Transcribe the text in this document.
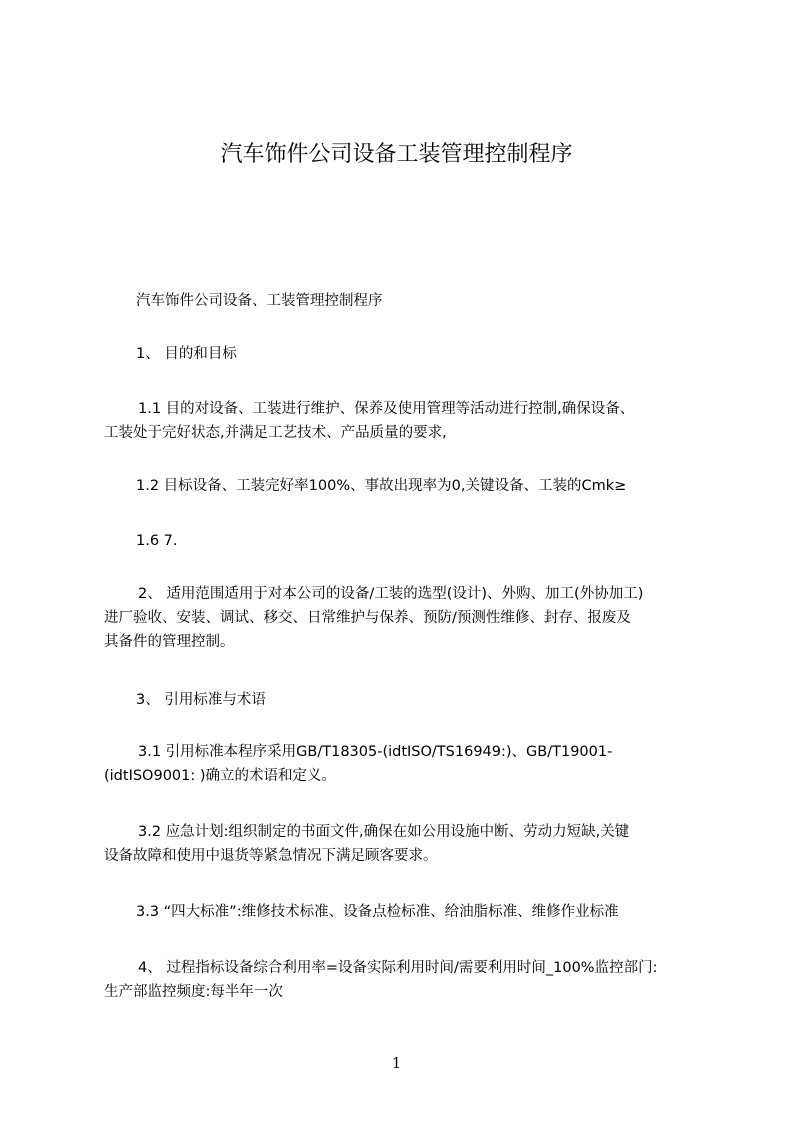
汽车饰件公司设备工装管理控制程序
汽车饰件公司设备、工装管理控制程序
1、 目的和目标
1.1 目的对设备、工装进行维护、保养及使用管理等活动进行控制,确保设备、
工装处于完好状态,并满足工艺技术、产品质量的要求,
1.2 目标设备、工装完好率100%、事故出现率为0,关键设备、工装的Cmk≥
1.6 7.
2、 适用范围适用于对本公司的设备/工装的选型(设计)、外购、加工(外协加工)
进厂验收、安装、调试、移交、日常维护与保养、预防/预测性维修、封存、报废及
其备件的管理控制。
3、 引用标准与术语
3.1 引用标准本程序采用GB/T18305-(idtISO/TS16949:)、GB/T19001-
(idtISO9001: )确立的术语和定义。
3.2 应急计划:组织制定的书面文件,确保在如公用设施中断、劳动力短缺,关键
设备故障和使用中退货等紧急情况下满足顾客要求。
3.3 “四大标准”:维修技术标准、设备点检标准、给油脂标准、维修作业标准
4、 过程指标设备综合利用率=设备实际利用时间/需要利用时间_100%监控部门:
生产部监控频度:每半年一次
1
